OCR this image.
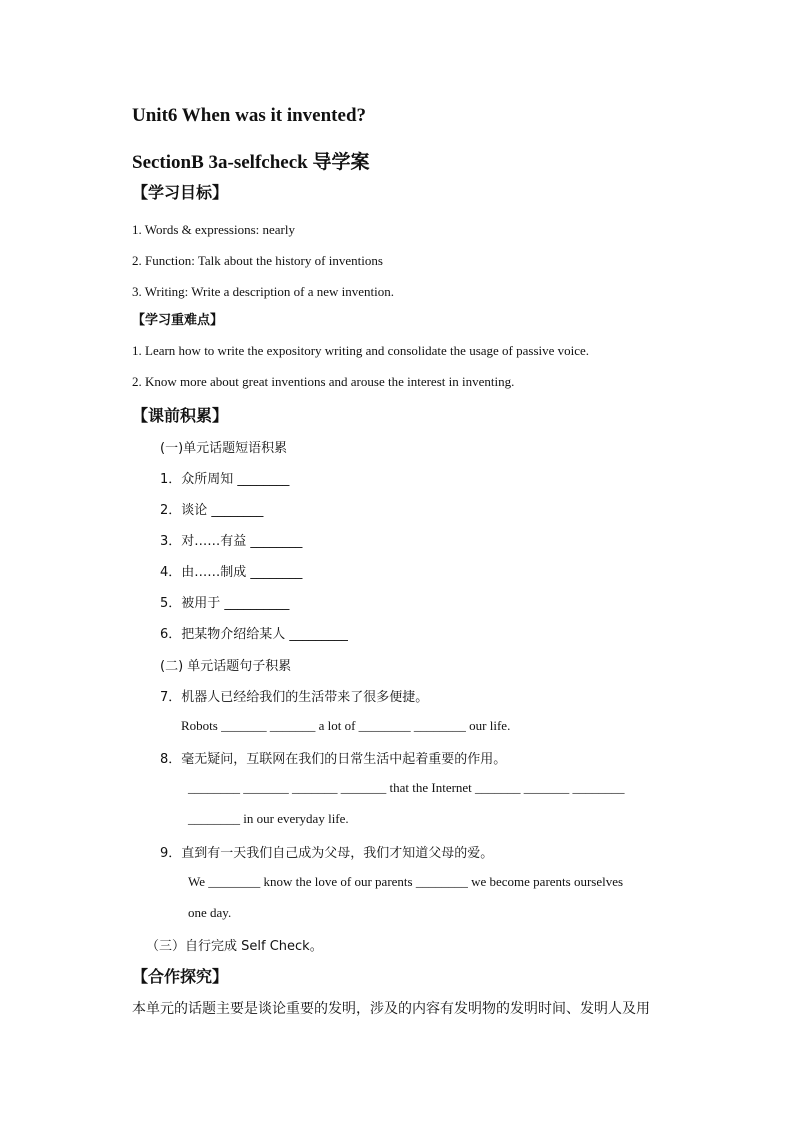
Unit6 When was it invented?
SectionB 3a-selfcheck 导学案
【学习目标】
1. Words & expressions: nearly
2. Function: Talk about the history of inventions
3. Writing: Write a description of a new invention.
【学习重难点】
1. Learn how to write the expository writing and consolidate the usage of passive voice.
2. Know more about great inventions and arouse the interest in inventing.
【课前积累】
(一)单元话题短语积累
1．众所周知 ________
2．谈论 ________
3．对……有益 ________
4．由……制成 ________
5．被用于 __________
6．把某物介绍给某人 _________
(二) 单元话题句子积累
7．机器人已经给我们的生活带来了很多便捷。
Robots _______ _______ a lot of ________ ________ our life.
8．毫无疑问，互联网在我们的日常生活中起着重要的作用。
________ _______ _______ _______ that the Internet _______ _______ ________
________ in our everyday life.
9．直到有一天我们自己成为父母，我们才知道父母的爱。
We ________ know the love of our parents ________ we become parents ourselves
one day.
（三）自行完成 Self Check。
【合作探究】
本单元的话题主要是谈论重要的发明，涉及的内容有发明物的发明时间、发明人及用
